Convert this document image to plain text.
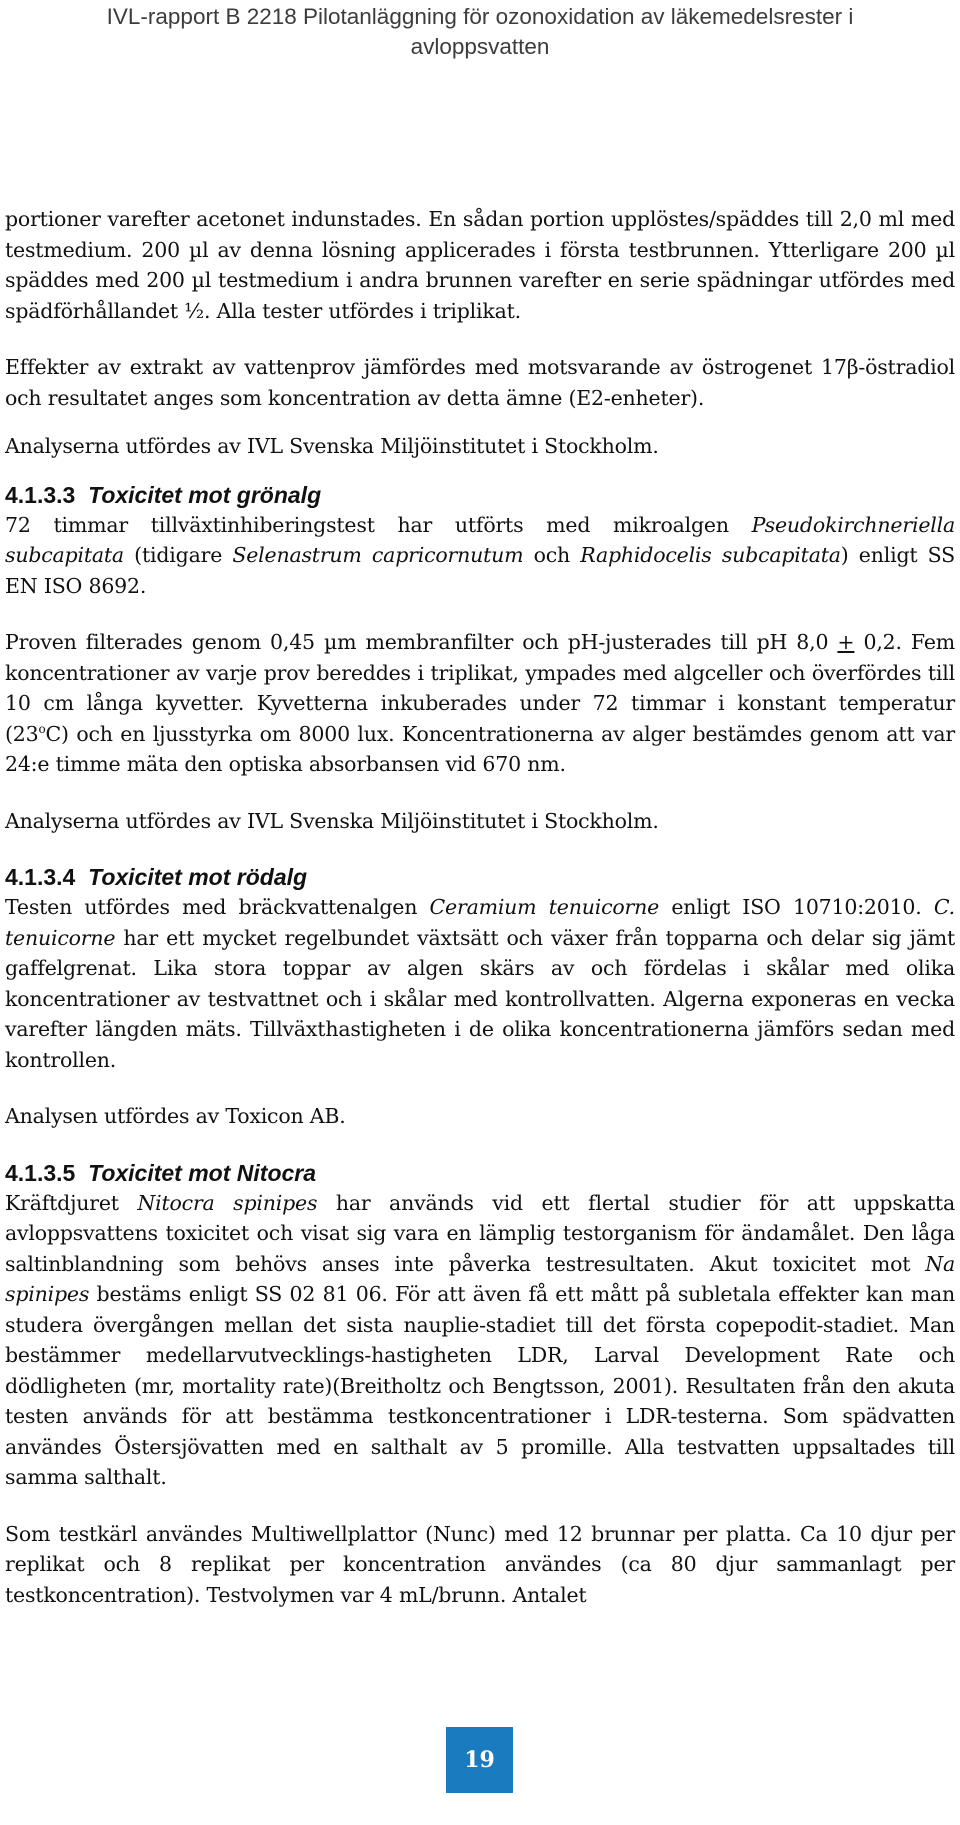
IVL-rapport B 2218 Pilotanläggning för ozonoxidation av läkemedelsrester i
avloppsvatten

portioner varefter acetonet indunstades. En sådan portion upplöstes/späddes till 2,0 ml med testmedium. 200 µl av denna lösning applicerades i första testbrunnen. Ytterligare 200 µl späddes med 200 µl testmedium i andra brunnen varefter en serie spädningar utfördes med spädförhållandet ½. Alla tester utfördes i triplikat.

Effekter av extrakt av vattenprov jämfördes med motsvarande av östrogenet 17β-östradiol och resultatet anges som koncentration av detta ämne (E2-enheter).

Analyserna utfördes av IVL Svenska Miljöinstitutet i Stockholm.

4.1.3.3 Toxicitet mot grönalg

72 timmar tillväxtinhiberingstest har utförts med mikroalgen Pseudokirchneriella subcapitata (tidigare Selenastrum capricornutum och Raphidocelis subcapitata) enligt SS EN ISO 8692.

Proven filterades genom 0,45 µm membranfilter och pH-justerades till pH 8,0 + 0,2. Fem koncentrationer av varje prov bereddes i triplikat, ympades med algceller och överfördes till 10 cm långa kyvetter. Kyvetterna inkuberades under 72 timmar i konstant temperatur (23$^o$C) och en ljusstyrka om 8000 lux. Koncentrationerna av alger bestämdes genom att var 24:e timme mäta den optiska absorbansen vid 670 nm.

Analyserna utfördes av IVL Svenska Miljöinstitutet i Stockholm.

4.1.3.4 Toxicitet mot rödalg

Testen utfördes med bräckvattenalgen Ceramium tenuicorne enligt ISO 10710:2010. C. tenuicorne har ett mycket regelbundet växtsätt och växer från topparna och delar sig jämt gaffelgrenat. Lika stora toppar av algen skärs av och fördelas i skålar med olika koncentrationer av testvattnet och i skålar med kontrollvatten. Algerna exponeras en vecka varefter längden mäts. Tillväxthastigheten i de olika koncentrationerna jämförs sedan med kontrollen.

Analysen utfördes av Toxicon AB.

4.1.3.5 Toxicitet mot Nitocra

Kräftdjuret Nitocra spinipes har används vid ett flertal studier för att uppskatta avloppsvattens toxicitet och visat sig vara en lämplig testorganism för ändamålet. Den låga saltinblandning som behövs anses inte påverka testresultaten. Akut toxicitet mot Na spinipes bestäms enligt SS 02 81 06. För att även få ett mått på subletala effekter kan man studera övergången mellan det sista nauplie-stadiet till det första copepodit-stadiet. Man bestämmer medellarvutvecklings-hastigheten LDR, Larval Development Rate och dödligheten (mr, mortality rate)(Breitholtz och Bengtsson, 2001). Resultaten från den akuta testen används för att bestämma testkoncentrationer i LDR-testerna. Som spädvatten användes Östersjövatten med en salthalt av 5 promille. Alla testvatten uppsaltades till samma salthalt.

Som testkärl användes Multiwellplattor (Nunc) med 12 brunnar per platta. Ca 10 djur per replikat och 8 replikat per koncentration användes (ca 80 djur sammanlagt per testkoncentration). Testvolymen var 4 mL/brunn. Antalet

19
